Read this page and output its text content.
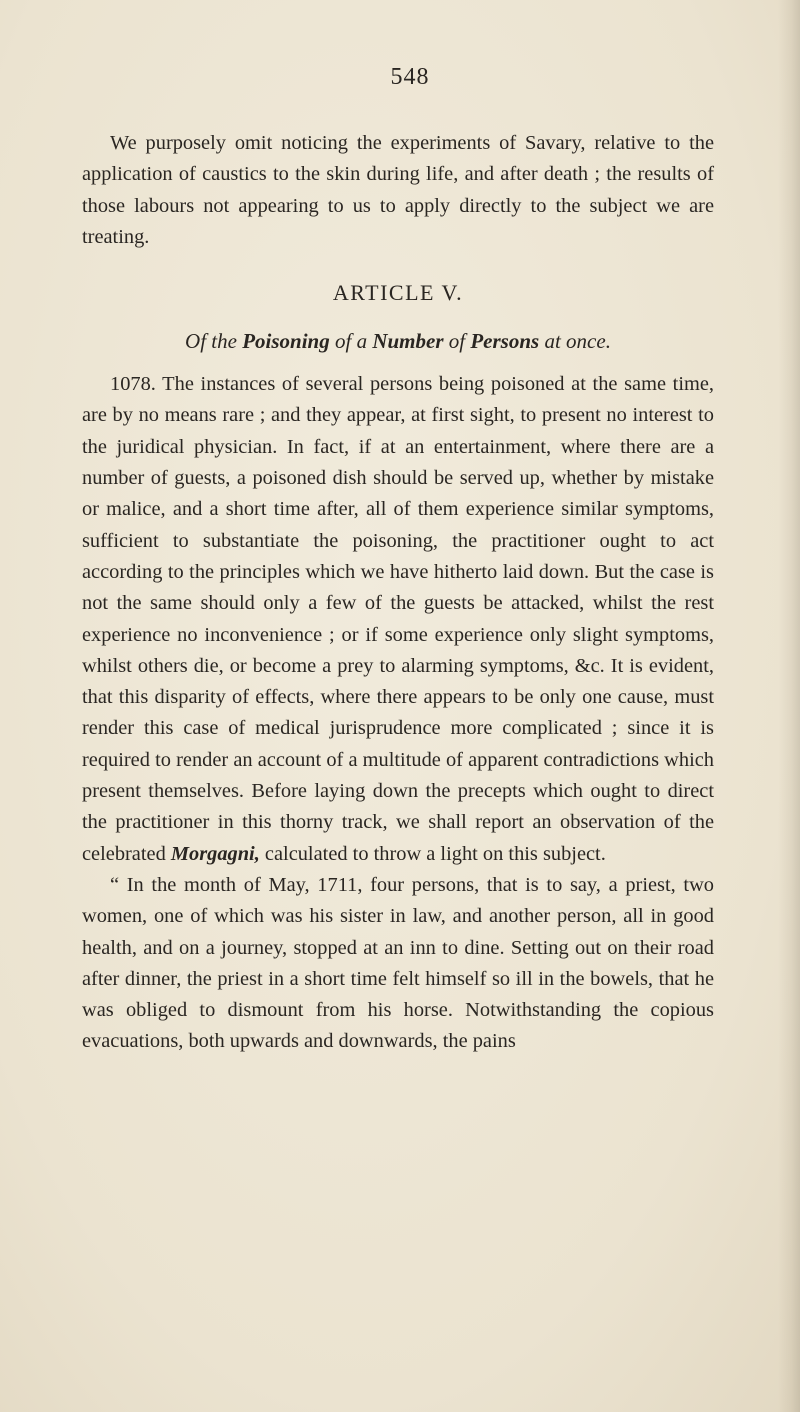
548

We purposely omit noticing the experiments of Savary, relative to the application of caustics to the skin during life, and after death ; the results of those labours not appearing to us to apply directly to the subject we are treating.

ARTICLE V.
Of the Poisoning of a Number of Persons at once.

1078. The instances of several persons being poisoned at the same time, are by no means rare ; and they appear, at first sight, to present no interest to the juridical physician. In fact, if at an entertainment, where there are a number of guests, a poisoned dish should be served up, whether by mistake or malice, and a short time after, all of them experience similar symptoms, sufficient to substantiate the poisoning, the practitioner ought to act according to the principles which we have hitherto laid down. But the case is not the same should only a few of the guests be attacked, whilst the rest experience no inconvenience ; or if some experience only slight symptoms, whilst others die, or become a prey to alarming symptoms, &c. It is evident, that this disparity of effects, where there appears to be only one cause, must render this case of medical jurisprudence more complicated ; since it is required to render an account of a multitude of apparent contradictions which present themselves. Before laying down the precepts which ought to direct the practitioner in this thorny track, we shall report an observation of the celebrated Morgagni, calculated to throw a light on this subject.

“ In the month of May, 1711, four persons, that is to say, a priest, two women, one of which was his sister in law, and another person, all in good health, and on a journey, stopped at an inn to dine. Setting out on their road after dinner, the priest in a short time felt himself so ill in the bowels, that he was obliged to dismount from his horse. Notwithstanding the copious evacuations, both upwards and downwards, the pains
